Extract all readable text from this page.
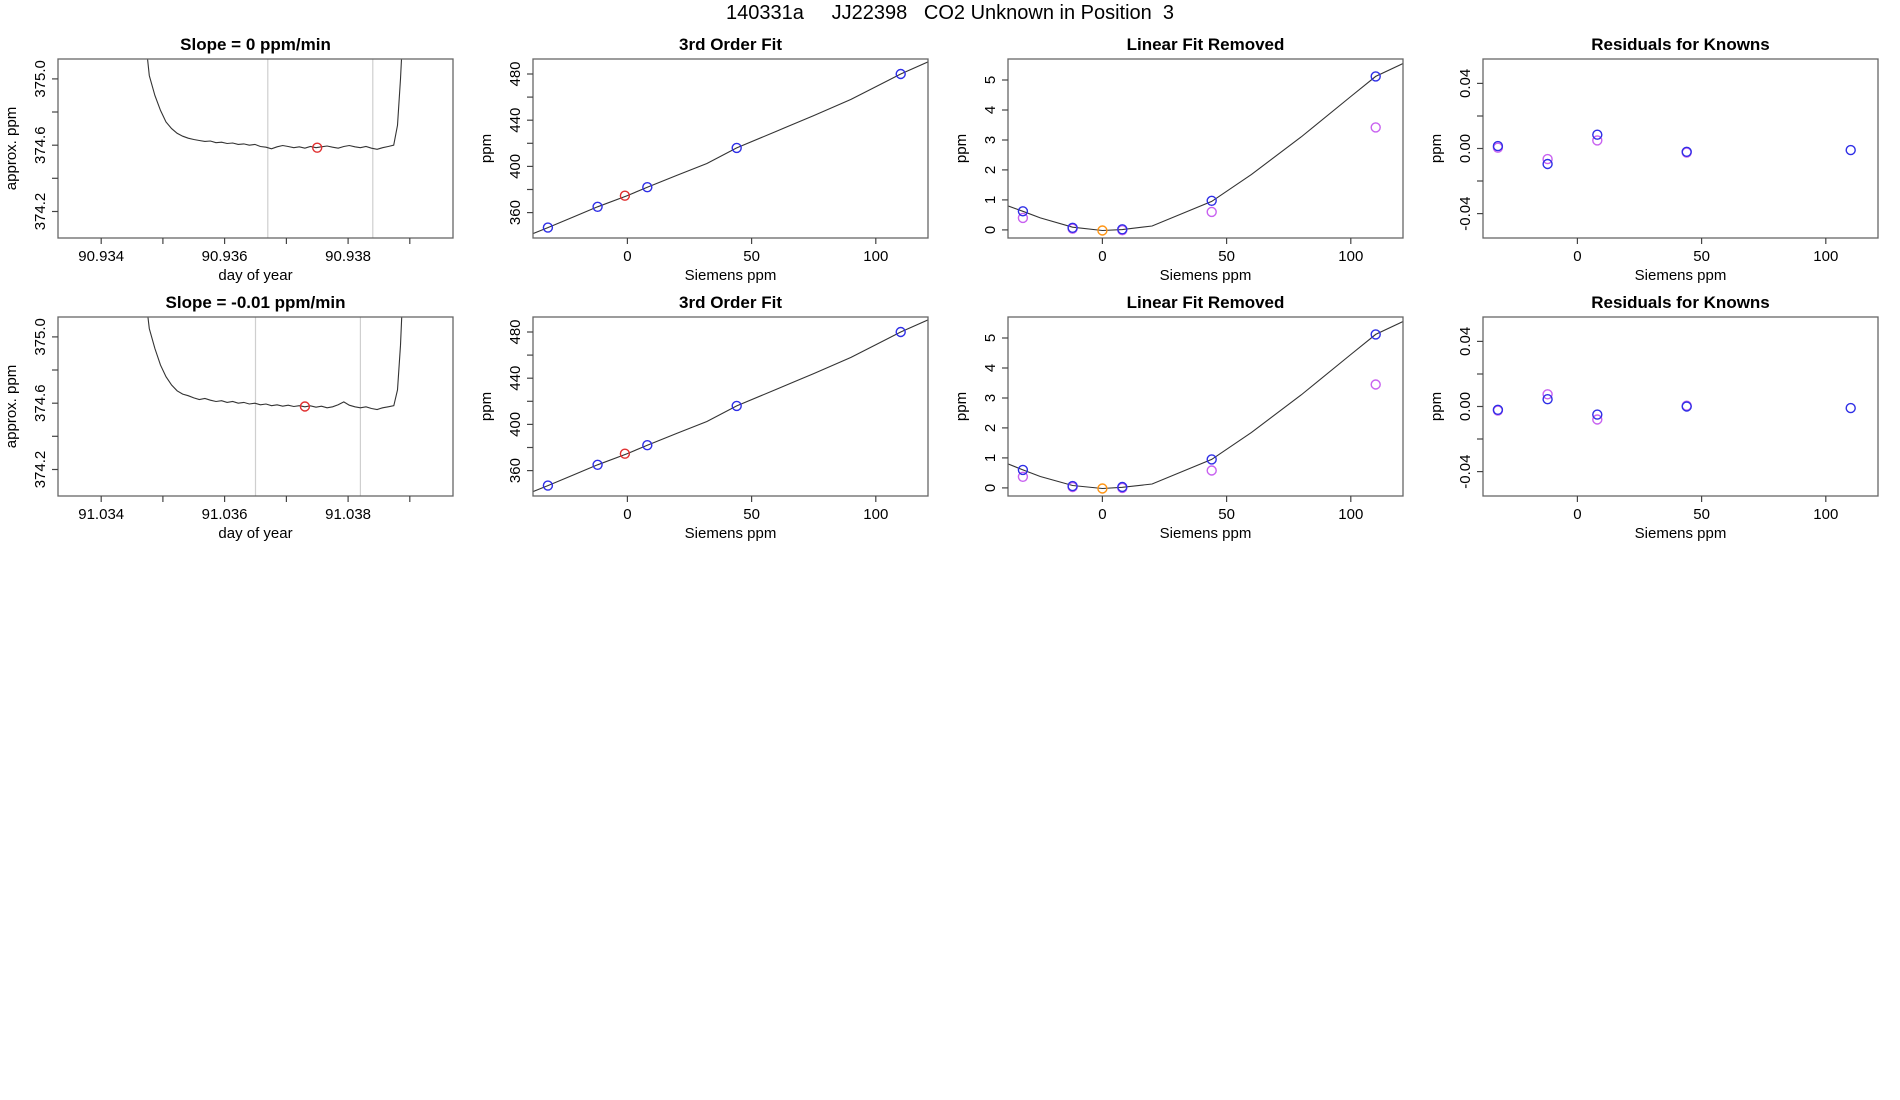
140331a     JJ22398   CO2 Unknown in Position  3
90.934	90.936	90.938
374.2
374.6
375.0
Slope = 0 ppm/min
day of year
approx. ppm
0	50	100
360
400
440
480
3rd Order Fit
Siemens ppm
ppm
0	50	100
0
1
2
3
4
5
Linear Fit Removed
Siemens ppm
ppm
0	50	100
-0.04
0.00
0.04
Residuals for Knowns
Siemens ppm
ppm
91.034	91.036	91.038
374.2
374.6
375.0
Slope = -0.01 ppm/min
day of year
approx. ppm
0	50	100
360
400
440
480
3rd Order Fit
Siemens ppm
ppm
0	50	100
0
1
2
3
4
5
Linear Fit Removed
Siemens ppm
ppm
0	50	100
-0.04
0.00
0.04
Residuals for Knowns
Siemens ppm
ppm
